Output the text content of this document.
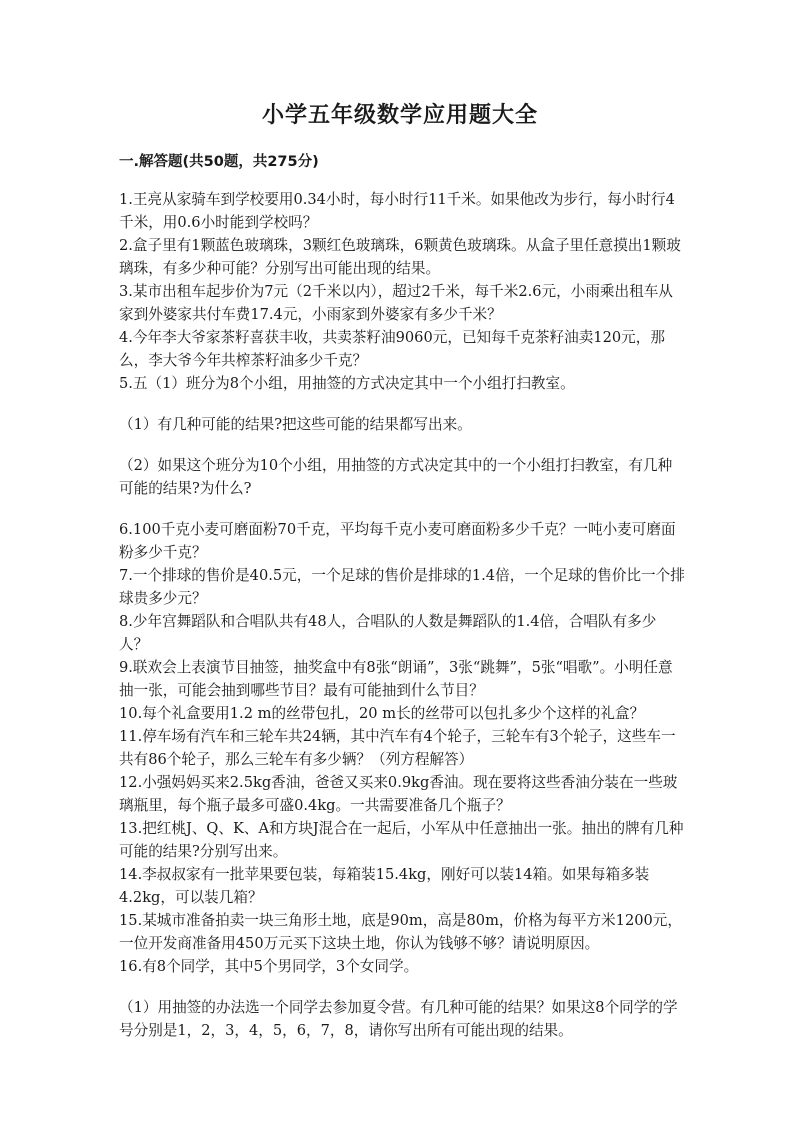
小学五年级数学应用题大全
一.解答题(共50题，共275分)

1.王亮从家骑车到学校要用0.34小时，每小时行11千米。如果他改为步行，每小时行4千米，用0.6小时能到学校吗？

2.盒子里有1颗蓝色玻璃珠，3颗红色玻璃珠，6颗黄色玻璃珠。从盒子里任意摸出1颗玻璃珠，有多少种可能？分别写出可能出现的结果。

3.某市出租车起步价为7元（2千米以内），超过2千米，每千米2.6元，小雨乘出租车从家到外婆家共付车费17.4元，小雨家到外婆家有多少千米？

4.今年李大爷家茶籽喜获丰收，共卖茶籽油9060元，已知每千克茶籽油卖120元，那么，李大爷今年共榨茶籽油多少千克？

5.五（1）班分为8个小组，用抽签的方式决定其中一个小组打扫教室。

（1）有几种可能的结果?把这些可能的结果都写出来。

（2）如果这个班分为10个小组，用抽签的方式决定其中的一个小组打扫教室，有几种可能的结果?为什么?

6.100千克小麦可磨面粉70千克，平均每千克小麦可磨面粉多少千克？一吨小麦可磨面粉多少千克？

7.一个排球的售价是40.5元，一个足球的售价是排球的1.4倍，一个足球的售价比一个排球贵多少元？

8.少年宫舞蹈队和合唱队共有48人，合唱队的人数是舞蹈队的1.4倍，合唱队有多少人？

9.联欢会上表演节目抽签，抽奖盒中有8张“朗诵”，3张“跳舞”，5张“唱歌”。小明任意抽一张，可能会抽到哪些节目？最有可能抽到什么节目？

10.每个礼盒要用1.2 m的丝带包扎，20 m长的丝带可以包扎多少个这样的礼盒？

11.停车场有汽车和三轮车共24辆，其中汽车有4个轮子，三轮车有3个轮子，这些车一共有86个轮子，那么三轮车有多少辆？（列方程解答）

12.小强妈妈买来2.5kg香油，爸爸又买来0.9kg香油。现在要将这些香油分装在一些玻璃瓶里，每个瓶子最多可盛0.4kg。一共需要准备几个瓶子？

13.把红桃J、Q、K、A和方块J混合在一起后，小军从中任意抽出一张。抽出的牌有几种可能的结果?分别写出来。

14.李叔叔家有一批苹果要包装，每箱装15.4kg，刚好可以装14箱。如果每箱多装4.2kg，可以装几箱？

15.某城市准备拍卖一块三角形土地，底是90m，高是80m，价格为每平方米1200元，一位开发商准备用450万元买下这块土地，你认为钱够不够？请说明原因。

16.有8个同学，其中5个男同学，3个女同学。

（1）用抽签的办法选一个同学去参加夏令营。有几种可能的结果？如果这8个同学的学号分别是1，2，3，4，5，6，7，8，请你写出所有可能出现的结果。
